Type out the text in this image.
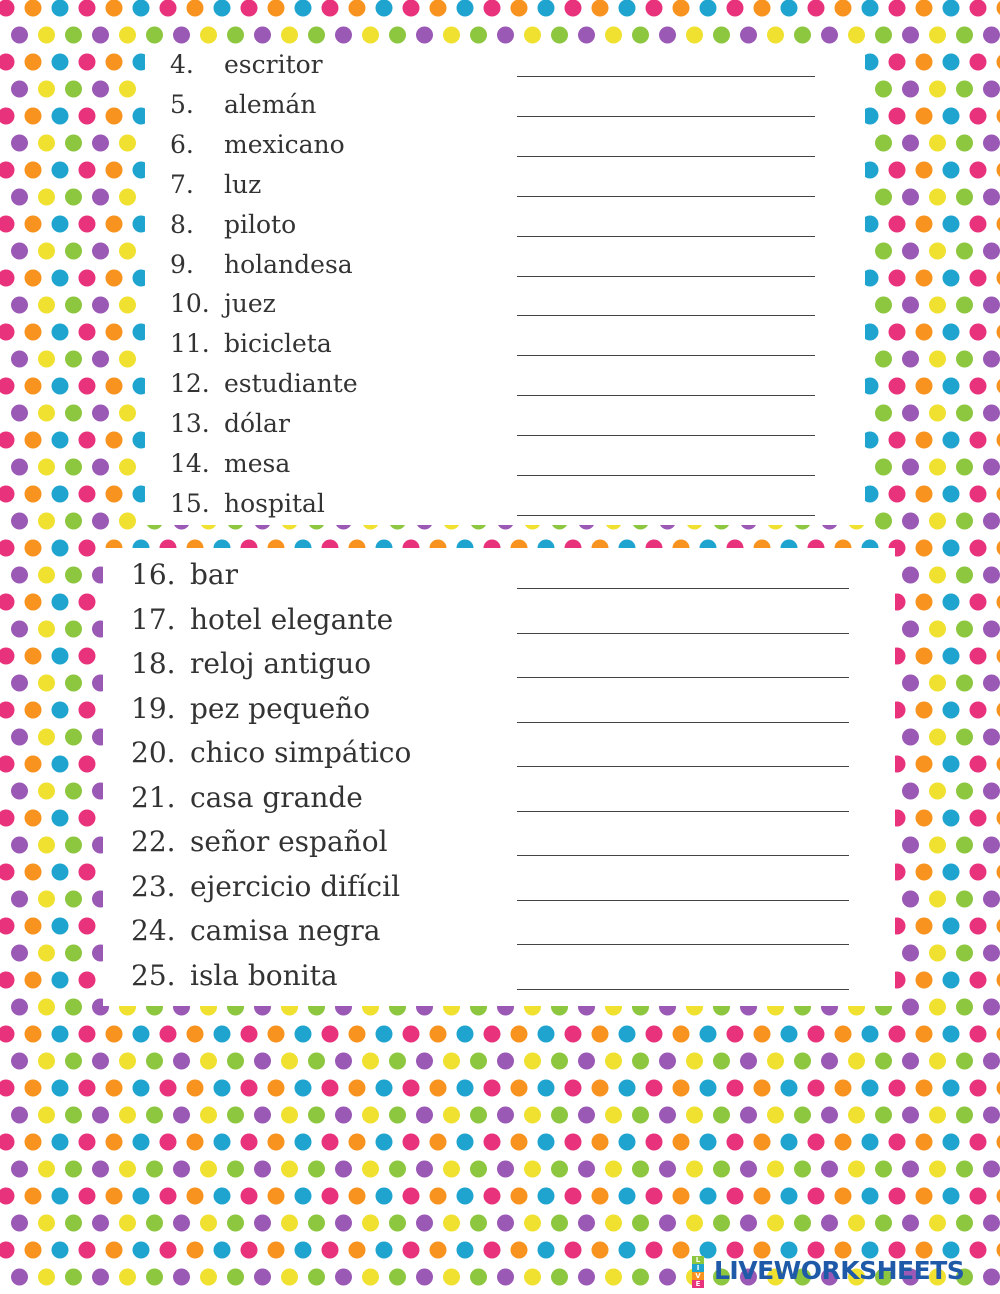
4. escritor
5. alemán
6. mexicano
7. luz
8. piloto
9. holandesa
10. juez
11. bicicleta
12. estudiante
13. dólar
14. mesa
15. hospital
16. bar
17. hotel elegante
18. reloj antiguo
19. pez pequeño
20. chico simpático
21. casa grande
22. señor español
23. ejercicio difícil
24. camisa negra
25. isla bonita
L
I
V
E LIVEWORKSHEETS
